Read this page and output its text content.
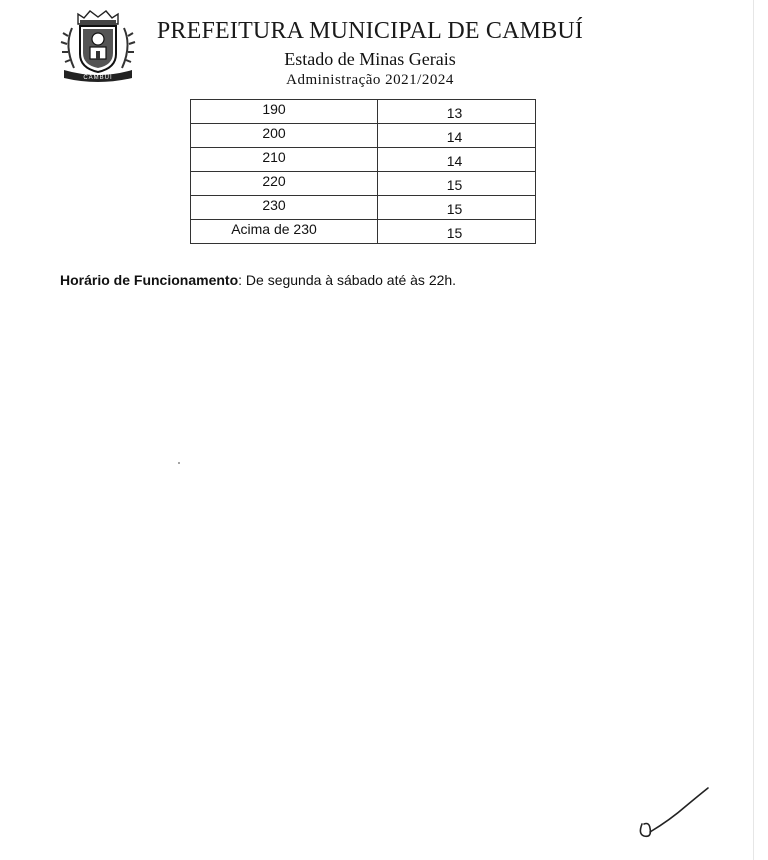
CAMBUÍ
PREFEITURA MUNICIPAL DE CAMBUÍ
Estado de Minas Gerais
Administração 2021/2024
190	13
200	14
210	14
220	15
230	15
Acima de 230	15
Horário de Funcionamento: De segunda à sábado até às 22h.
